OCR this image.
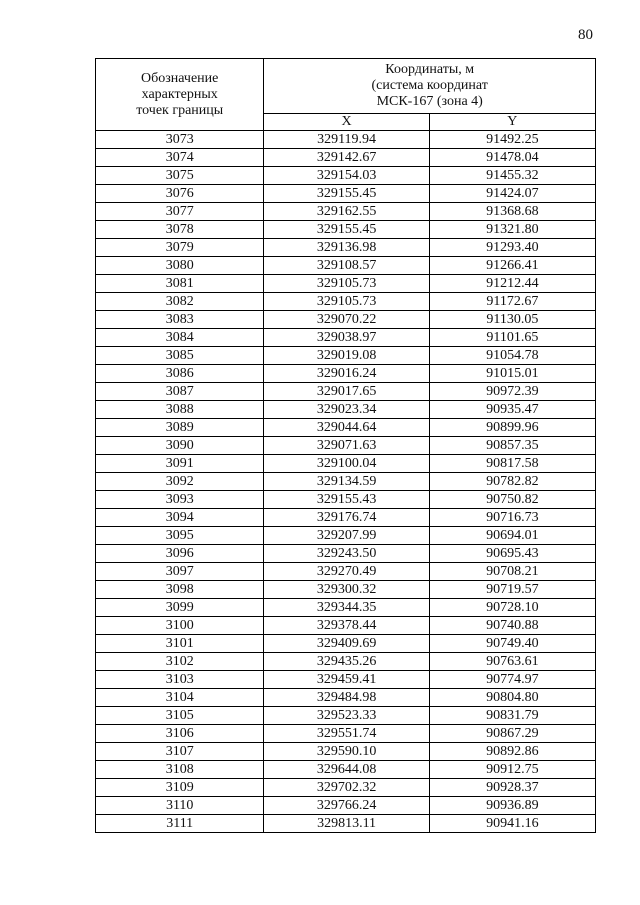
80
Обозначение
характерных
точек границы	Координаты, м
(система координат
МСК-167 (зона 4)	

	X	Y
3073	329119.94	91492.25
3074	329142.67	91478.04
3075	329154.03	91455.32
3076	329155.45	91424.07
3077	329162.55	91368.68
3078	329155.45	91321.80
3079	329136.98	91293.40
3080	329108.57	91266.41
3081	329105.73	91212.44
3082	329105.73	91172.67
3083	329070.22	91130.05
3084	329038.97	91101.65
3085	329019.08	91054.78
3086	329016.24	91015.01
3087	329017.65	90972.39
3088	329023.34	90935.47
3089	329044.64	90899.96
3090	329071.63	90857.35
3091	329100.04	90817.58
3092	329134.59	90782.82
3093	329155.43	90750.82
3094	329176.74	90716.73
3095	329207.99	90694.01
3096	329243.50	90695.43
3097	329270.49	90708.21
3098	329300.32	90719.57
3099	329344.35	90728.10
3100	329378.44	90740.88
3101	329409.69	90749.40
3102	329435.26	90763.61
3103	329459.41	90774.97
3104	329484.98	90804.80
3105	329523.33	90831.79
3106	329551.74	90867.29
3107	329590.10	90892.86
3108	329644.08	90912.75
3109	329702.32	90928.37
3110	329766.24	90936.89
3111	329813.11	90941.16
